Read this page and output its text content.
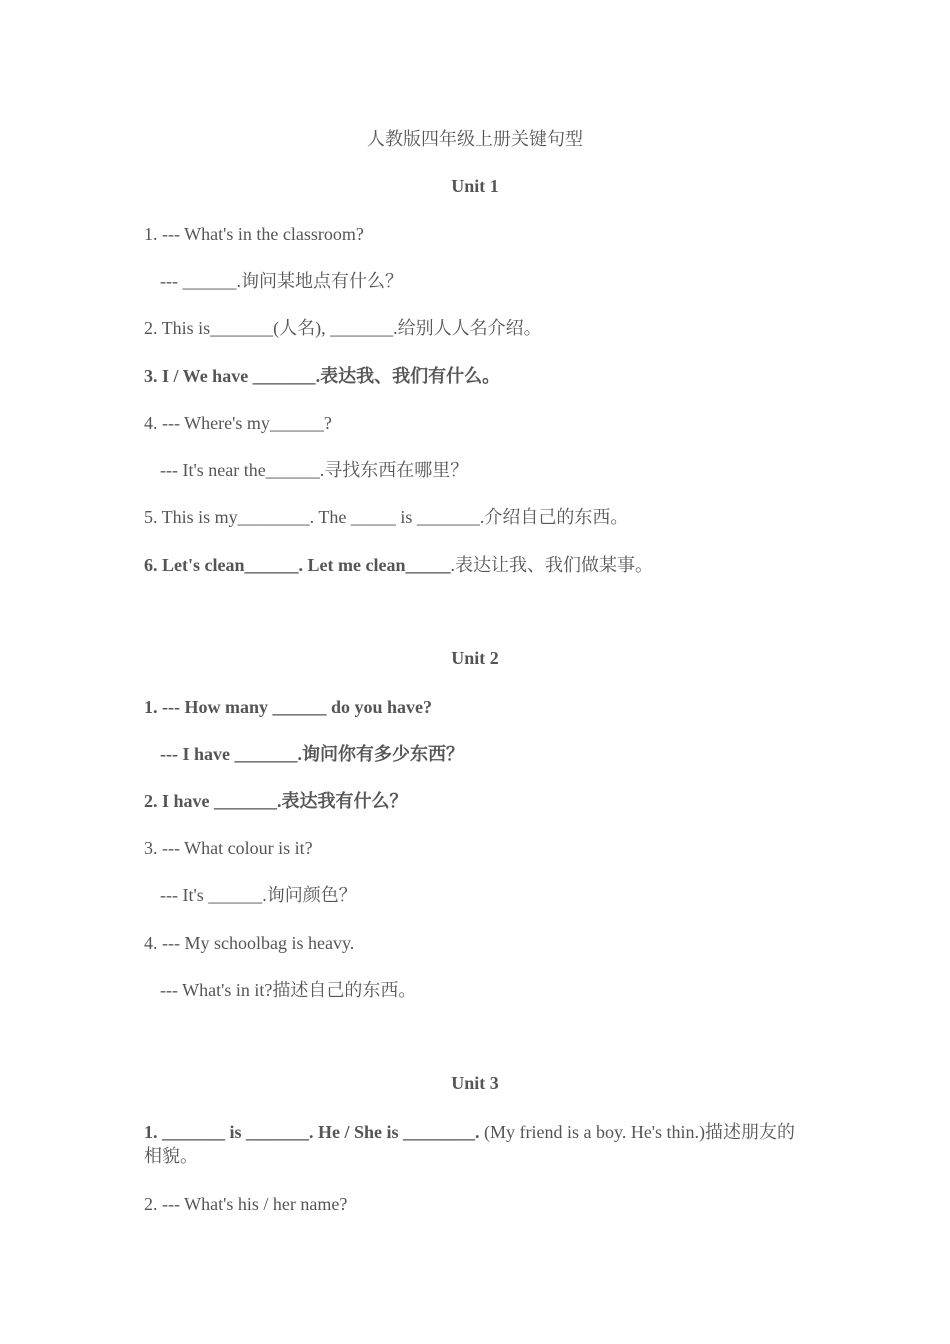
人教版四年级上册关键句型
Unit 1
1. --- What's in the classroom?
--- ______.询问某地点有什么？
2. This is_______(人名), _______.给别人人名介绍。
3. I / We have _______.表达我、我们有什么。
4. --- Where's my______?
--- It's near the______.寻找东西在哪里？
5. This is my________. The _____ is _______.介绍自己的东西。
6. Let's clean______. Let me clean_____.表达让我、我们做某事。
Unit 2
1. --- How many ______ do you have?
--- I have _______.询问你有多少东西？
2. I have _______.表达我有什么？
3. --- What colour is it?
--- It's ______.询问颜色？
4. --- My schoolbag is heavy.
--- What's in it?描述自己的东西。
Unit 3
1. _______ is _______. He / She is ________. (My friend is a boy. He's thin.)描述朋友的相貌。
2. --- What's his / her name?
